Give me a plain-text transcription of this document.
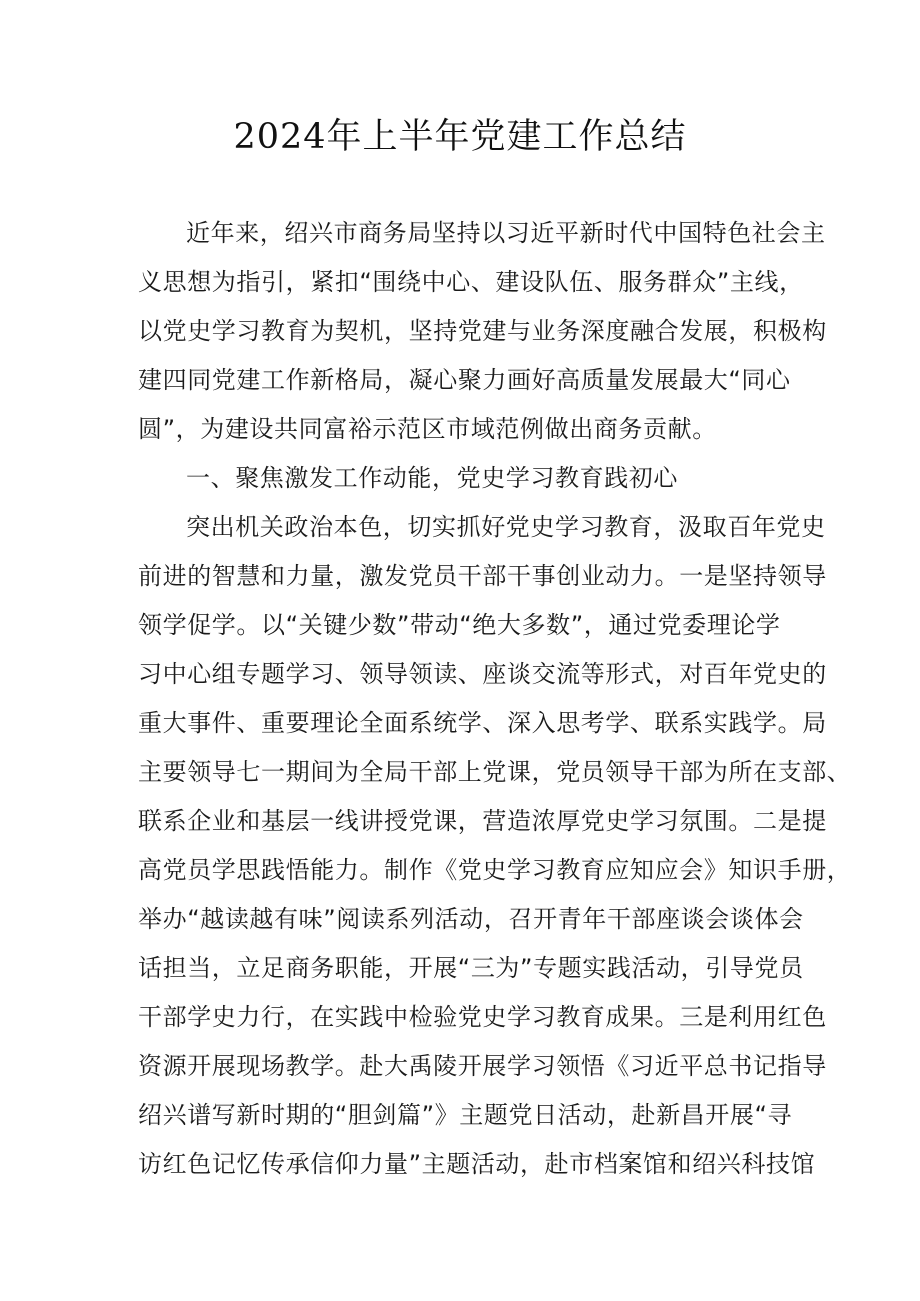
2024年上半年党建工作总结

近年来，绍兴市商务局坚持以习近平新时代中国特色社会主

义思想为指引，紧扣“围绕中心、建设队伍、服务群众”主线，

以党史学习教育为契机，坚持党建与业务深度融合发展，积极构

建四同党建工作新格局，凝心聚力画好高质量发展最大“同心

圆”，为建设共同富裕示范区市域范例做出商务贡献。

一、聚焦激发工作动能，党史学习教育践初心

突出机关政治本色，切实抓好党史学习教育，汲取百年党史

前进的智慧和力量，激发党员干部干事创业动力。一是坚持领导

领学促学。以“关键少数”带动“绝大多数”，通过党委理论学

习中心组专题学习、领导领读、座谈交流等形式，对百年党史的

重大事件、重要理论全面系统学、深入思考学、联系实践学。局

主要领导七一期间为全局干部上党课，党员领导干部为所在支部、

联系企业和基层一线讲授党课，营造浓厚党史学习氛围。二是提

高党员学思践悟能力。制作《党史学习教育应知应会》知识手册，

举办“越读越有味”阅读系列活动，召开青年干部座谈会谈体会

话担当，立足商务职能，开展“三为”专题实践活动，引导党员

干部学史力行，在实践中检验党史学习教育成果。三是利用红色

资源开展现场教学。赴大禹陵开展学习领悟《习近平总书记指导

绍兴谱写新时期的“胆剑篇”》主题党日活动，赴新昌开展“寻

访红色记忆传承信仰力量”主题活动，赴市档案馆和绍兴科技馆
